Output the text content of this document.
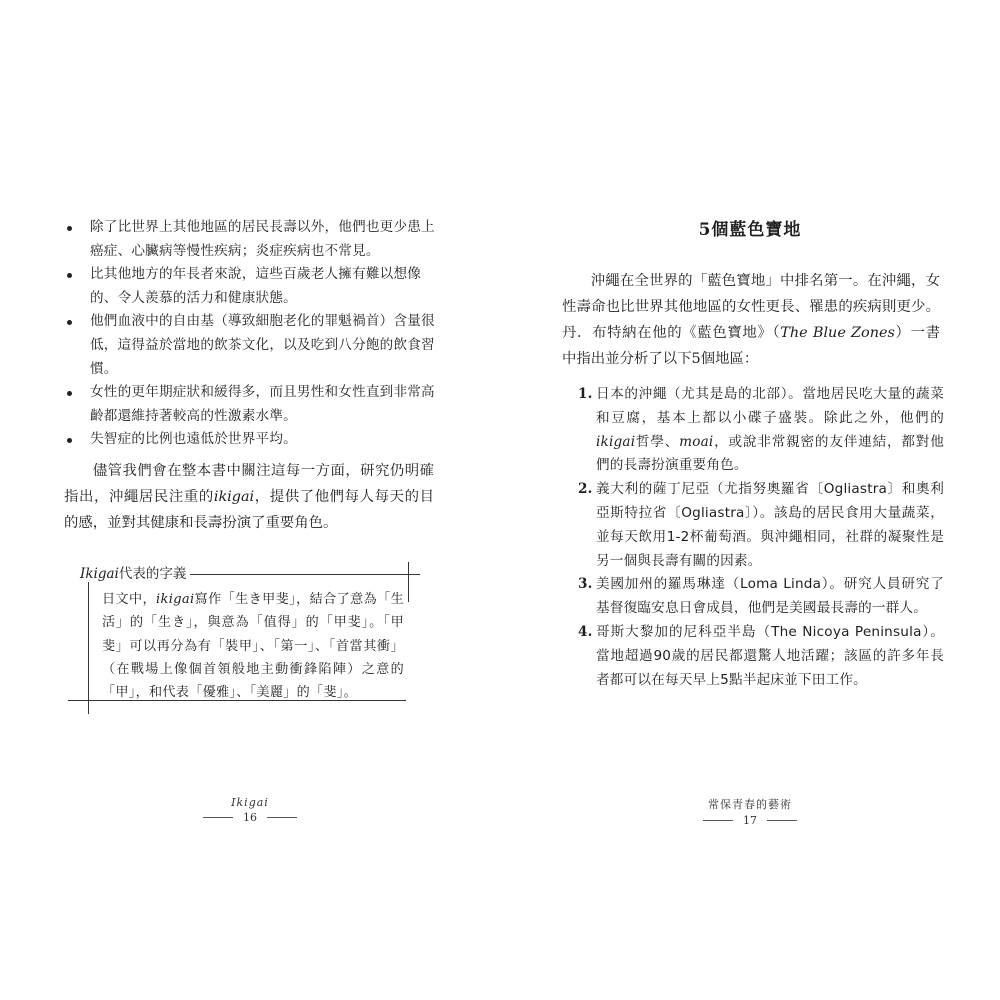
除了比世界上其他地區的居民長壽以外，他們也更少患上癌症、心臟病等慢性疾病；炎症疾病也不常見。
比其他地方的年長者來說，這些百歲老人擁有難以想像的、令人羨慕的活力和健康狀態。
他們血液中的自由基（導致細胞老化的罪魁禍首）含量很低，這得益於當地的飲茶文化，以及吃到八分飽的飲食習慣。
女性的更年期症狀和緩得多，而且男性和女性直到非常高齡都還維持著較高的性激素水準。
失智症的比例也遠低於世界平均。

儘管我們會在整本書中關注這每一方面，研究仍明確指出，沖繩居民注重的ikigai，提供了他們每人每天的目的感，並對其健康和長壽扮演了重要角色。

Ikigai代表的字義

日文中，ikigai寫作「生き甲斐」，結合了意為「生活」的「生き」，與意為「值得」的「甲斐」。「甲斐」可以再分為有「裝甲」、「第一」、「首當其衝」（在戰場上像個首領般地主動衝鋒陷陣）之意的「甲」，和代表「優雅」、「美麗」的「斐」。

Ikigai
16
5個藍色寶地

沖繩在全世界的「藍色寶地」中排名第一。在沖繩，女性壽命也比世界其他地區的女性更長、罹患的疾病則更少。丹．布特納在他的《藍色寶地》（The Blue Zones）一書中指出並分析了以下5個地區：

1. 日本的沖繩（尤其是島的北部）。當地居民吃大量的蔬菜和豆腐，基本上都以小碟子盛裝。除此之外，他們的ikigai哲學、moai，或說非常親密的友伴連結，都對他們的長壽扮演重要角色。
2. 義大利的薩丁尼亞（尤指努奧羅省〔Ogliastra〕和奧利亞斯特拉省〔Ogliastra〕）。該島的居民食用大量蔬菜，並每天飲用1-2杯葡萄酒。與沖繩相同，社群的凝聚性是另一個與長壽有關的因素。
3. 美國加州的羅馬琳達（Loma Linda）。研究人員研究了基督復臨安息日會成員，他們是美國最長壽的一群人。
4. 哥斯大黎加的尼科亞半島（The Nicoya Peninsula）。當地超過90歲的居民都還驚人地活躍；該區的許多年長者都可以在每天早上5點半起床並下田工作。
常保青春的藝術
17
